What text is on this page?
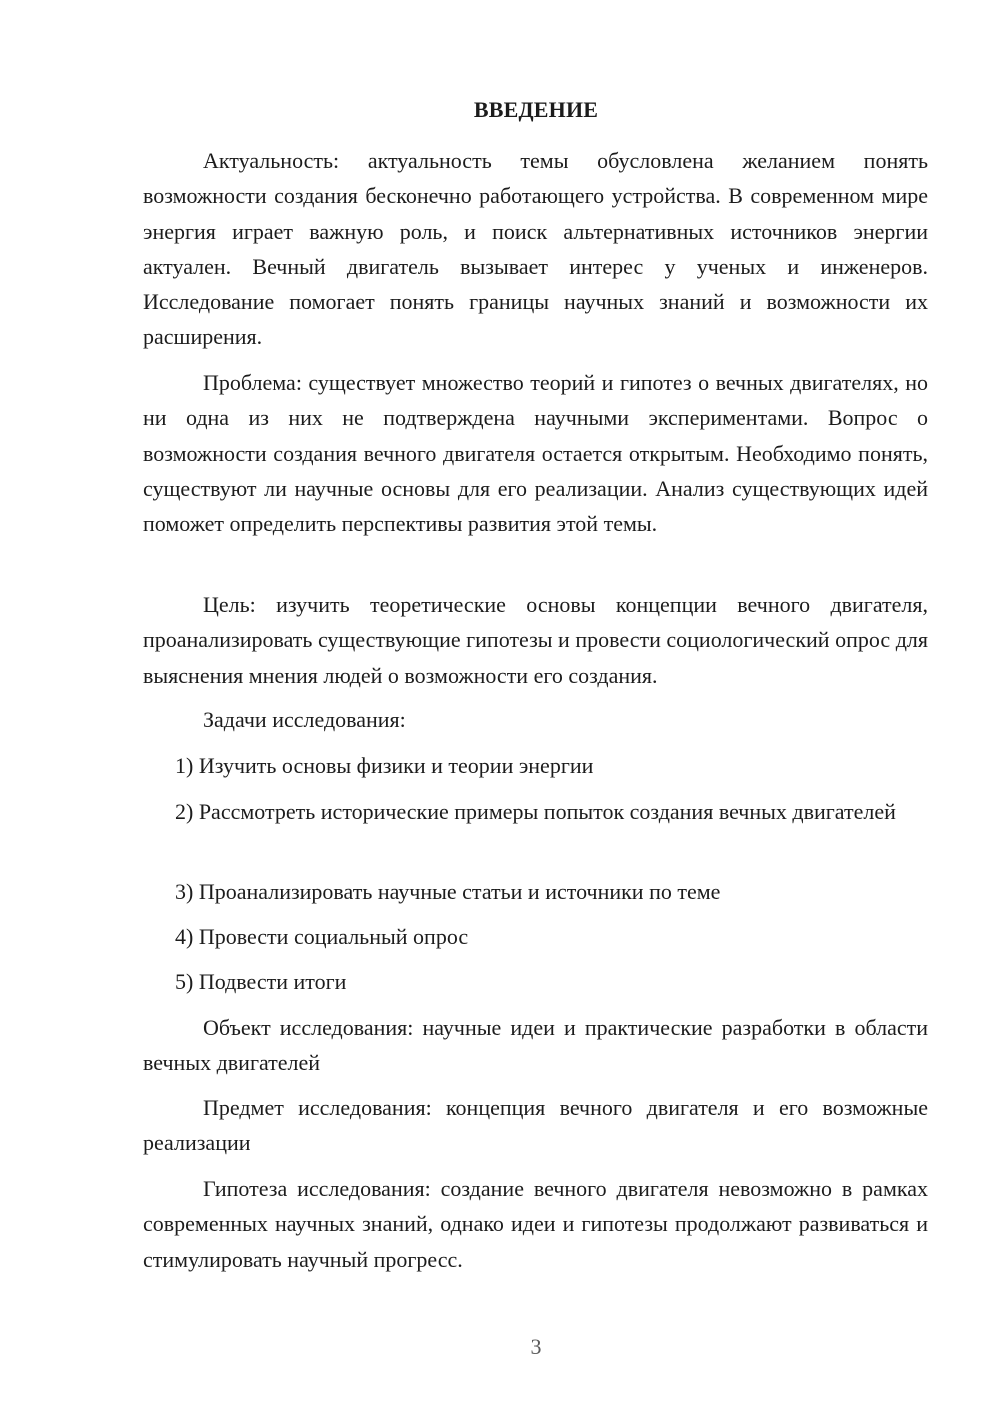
ВВЕДЕНИЕ

Актуальность: актуальность темы обусловлена желанием понять возможности создания бесконечно работающего устройства. В современном мире энергия играет важную роль, и поиск альтернативных источников энергии актуален. Вечный двигатель вызывает интерес у ученых и инженеров. Исследование помогает понять границы научных знаний и возможности их расширения.

Проблема: существует множество теорий и гипотез о вечных двигателях, но ни одна из них не подтверждена научными экспериментами. Вопрос о возможности создания вечного двигателя остается открытым. Необходимо понять, существуют ли научные основы для его реализации. Анализ существующих идей поможет определить перспективы развития этой темы.

Цель: изучить теоретические основы концепции вечного двигателя, проанализировать существующие гипотезы и провести социологический опрос для выяснения мнения людей о возможности его создания.

Задачи исследования:

1) Изучить основы физики и теории энергии

2) Рассмотреть исторические примеры попыток создания вечных двигателей

3) Проанализировать научные статьи и источники по теме

4) Провести социальный опрос

5) Подвести итоги

Объект исследования: научные идеи и практические разработки в области вечных двигателей

Предмет исследования: концепция вечного двигателя и его возможные реализации

Гипотеза исследования: создание вечного двигателя невозможно в рамках современных научных знаний, однако идеи и гипотезы продолжают развиваться и стимулировать научный прогресс.

3
